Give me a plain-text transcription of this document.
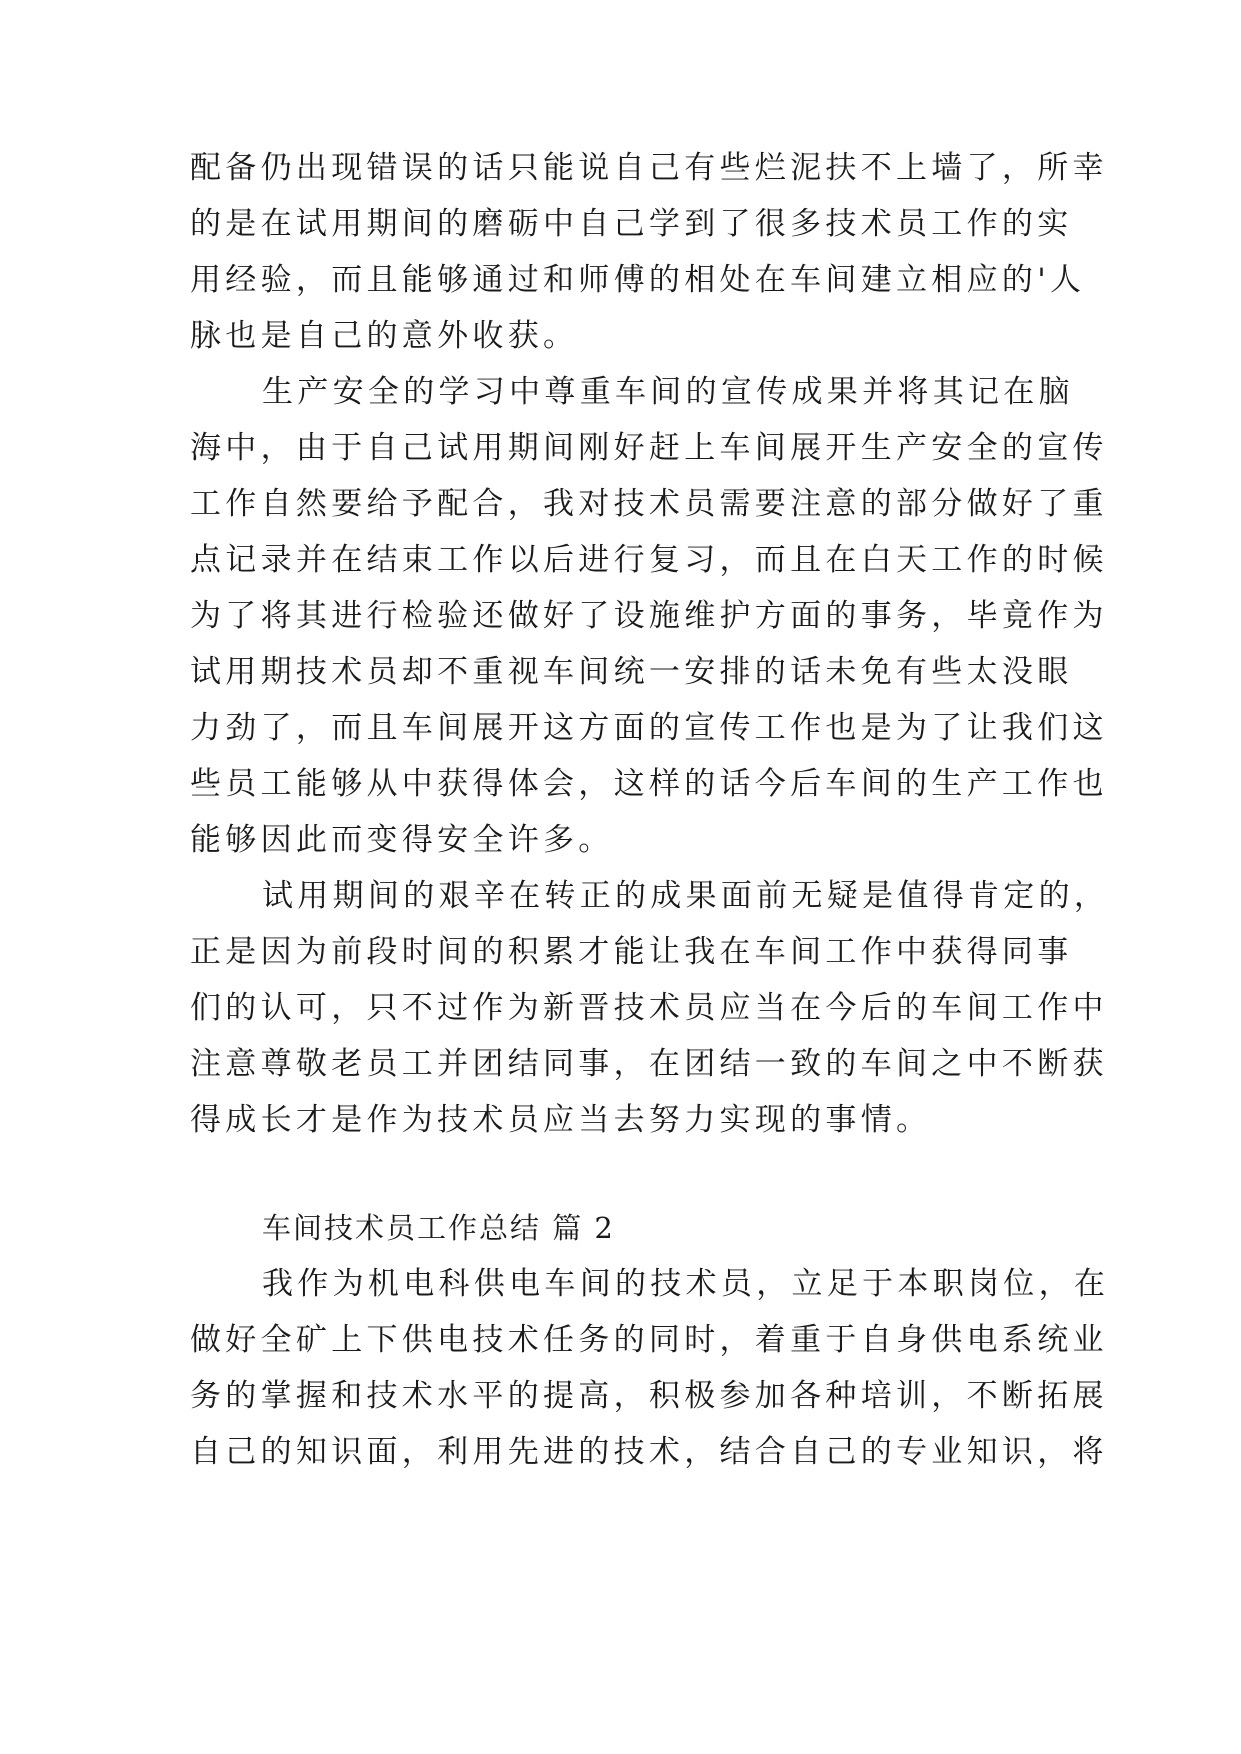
配备仍出现错误的话只能说自己有些烂泥扶不上墙了，所幸
的是在试用期间的磨砺中自己学到了很多技术员工作的实
用经验，而且能够通过和师傅的相处在车间建立相应的'人
脉也是自己的意外收获。
生产安全的学习中尊重车间的宣传成果并将其记在脑
海中，由于自己试用期间刚好赶上车间展开生产安全的宣传
工作自然要给予配合，我对技术员需要注意的部分做好了重
点记录并在结束工作以后进行复习，而且在白天工作的时候
为了将其进行检验还做好了设施维护方面的事务，毕竟作为
试用期技术员却不重视车间统一安排的话未免有些太没眼
力劲了，而且车间展开这方面的宣传工作也是为了让我们这
些员工能够从中获得体会，这样的话今后车间的生产工作也
能够因此而变得安全许多。
试用期间的艰辛在转正的成果面前无疑是值得肯定的，
正是因为前段时间的积累才能让我在车间工作中获得同事
们的认可，只不过作为新晋技术员应当在今后的车间工作中
注意尊敬老员工并团结同事，在团结一致的车间之中不断获
得成长才是作为技术员应当去努力实现的事情。
车间技术员工作总结 篇 2
我作为机电科供电车间的技术员，立足于本职岗位，在
做好全矿上下供电技术任务的同时，着重于自身供电系统业
务的掌握和技术水平的提高，积极参加各种培训，不断拓展
自己的知识面，利用先进的技术，结合自己的专业知识，将
